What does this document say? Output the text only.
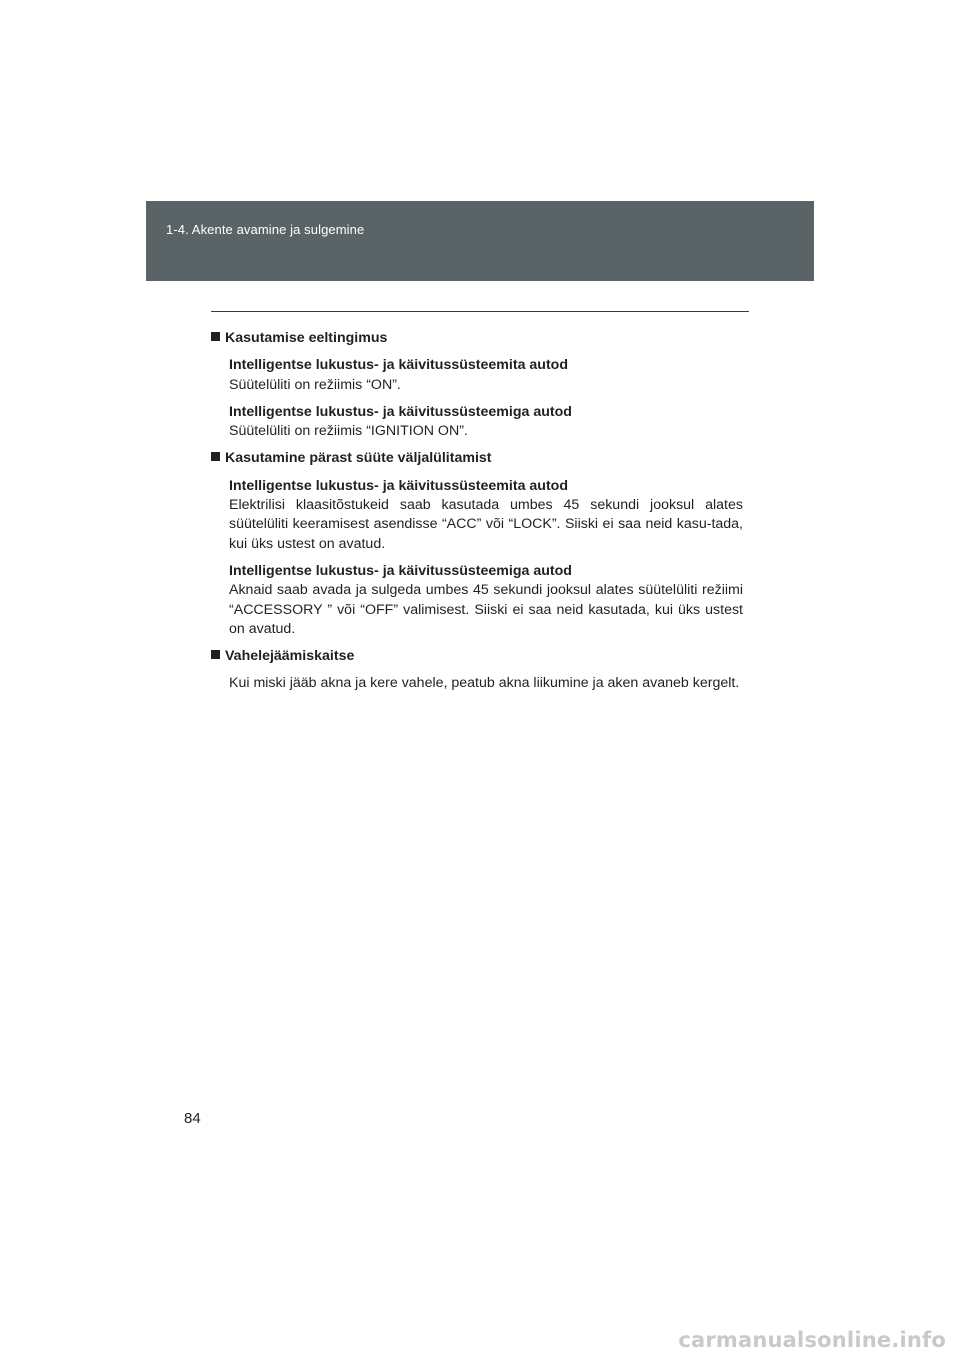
1-4. Akente avamine ja sulgemine

Kasutamise eeltingimus

Intelligentse lukustus- ja käivitussüsteemita autod
Süütelüliti on režiimis “ON”.
Intelligentse lukustus- ja käivitussüsteemiga autod
Süütelüliti on režiimis “IGNITION ON”.

Kasutamine pärast süüte väljalülitamist

Intelligentse lukustus- ja käivitussüsteemita autod
Elektrilisi klaasitõstukeid saab kasutada umbes 45 sekundi jooksul alates süütelüliti keeramisest asendisse “ACC” või “LOCK”. Siiski ei saa neid kasu-tada, kui üks ustest on avatud.
Intelligentse lukustus- ja käivitussüsteemiga autod
Aknaid saab avada ja sulgeda umbes 45 sekundi jooksul alates süütelüliti režiimi “ACCESSORY ” või “OFF” valimisest. Siiski ei saa neid kasutada, kui üks ustest on avatud.

Vahelejäämiskaitse

Kui miski jääb akna ja kere vahele, peatub akna liikumine ja aken avaneb kergelt.
84
carmanualsonline.info
